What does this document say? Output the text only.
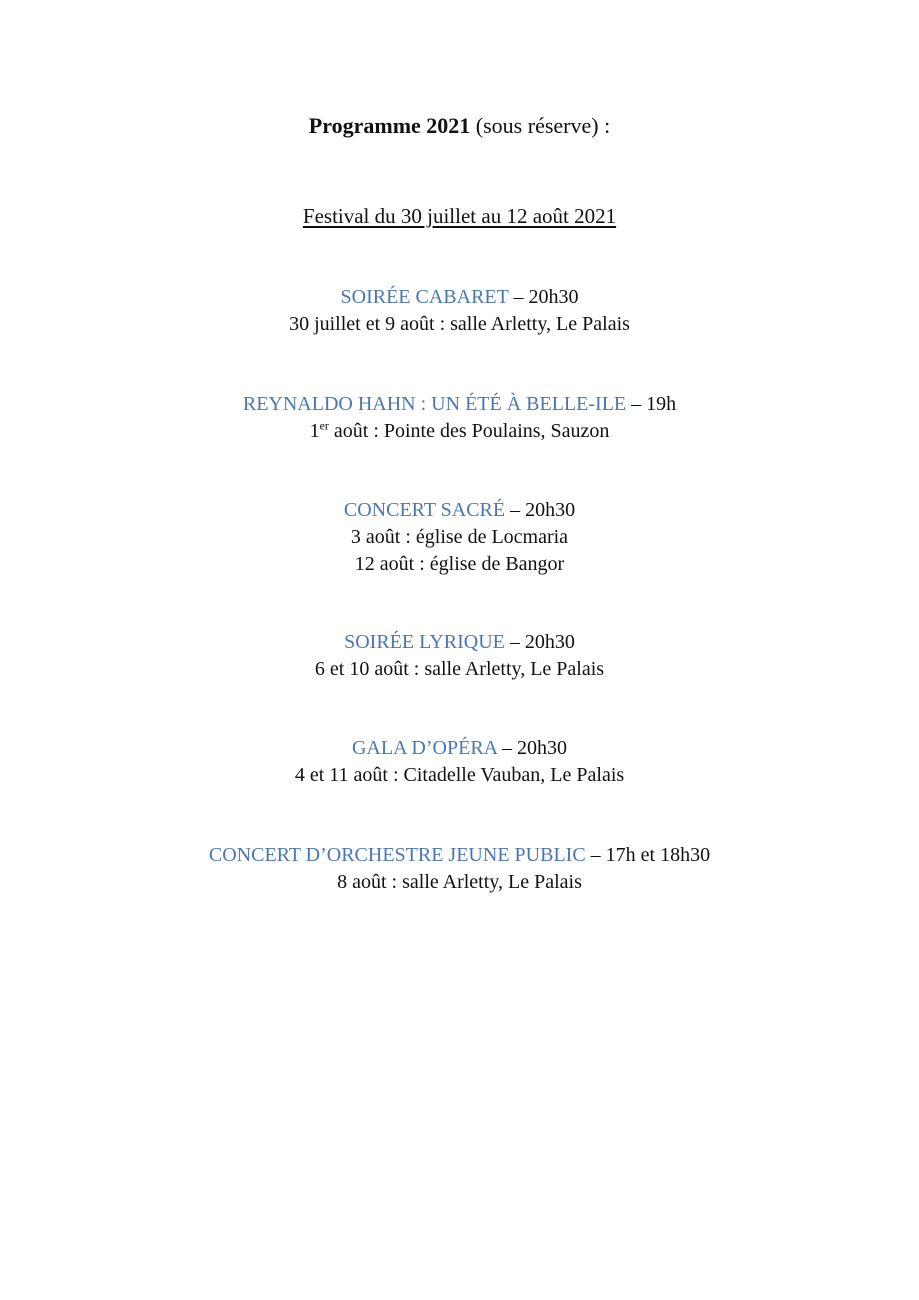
Programme 2021 (sous réserve) :
Festival du 30 juillet au 12 août 2021
SOIRÉE CABARET – 20h30
30 juillet et 9 août : salle Arletty, Le Palais
REYNALDO HAHN : UN ÉTÉ À BELLE-ILE – 19h
1er août : Pointe des Poulains, Sauzon
CONCERT SACRÉ – 20h30
3 août : église de Locmaria
12 août : église de Bangor
SOIRÉE LYRIQUE – 20h30
6 et 10 août : salle Arletty, Le Palais
GALA D’OPÉRA – 20h30
4 et 11 août : Citadelle Vauban, Le Palais
CONCERT D’ORCHESTRE JEUNE PUBLIC – 17h et 18h30
8 août : salle Arletty, Le Palais
